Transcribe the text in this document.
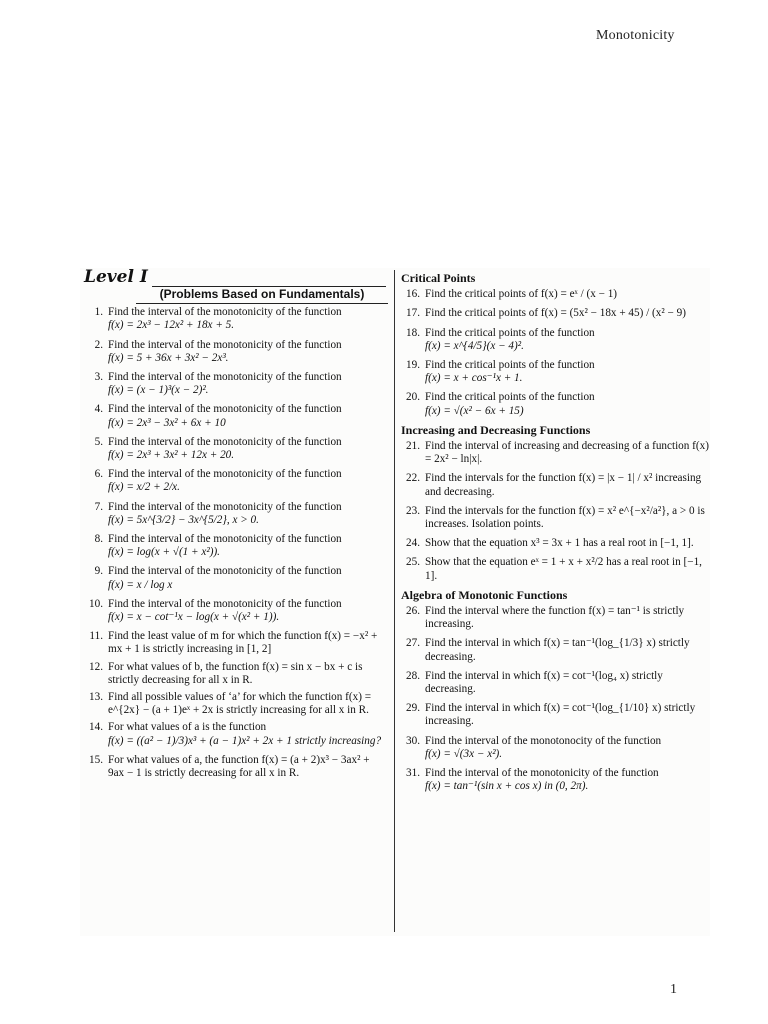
Monotonicity
Level I
(Problems Based on Fundamentals)
1. Find the interval of the monotonicity of the function
f(x) = 2x³ − 12x² + 18x + 5.
2. Find the interval of the monotonicity of the function
f(x) = 5 + 36x + 3x² − 2x³.
3. Find the interval of the monotonicity of the function
f(x) = (x − 1)³(x − 2)².
4. Find the interval of the monotonicity of the function
f(x) = 2x³ − 3x² + 6x + 10
5. Find the interval of the monotonicity of the function
f(x) = 2x³ + 3x² + 12x + 20.
6. Find the interval of the monotonicity of the function
f(x) = x/2 + 2/x.
7. Find the interval of the monotonicity of the function
f(x) = 5x^{3/2} − 3x^{5/2}, x > 0.
8. Find the interval of the monotonicity of the function
f(x) = log(x + √(1 + x²)).
9. Find the interval of the monotonicity of the function
f(x) = x / log x
10. Find the interval of the monotonicity of the function
f(x) = x − cot⁻¹x − log(x + √(x² + 1)).
11. Find the least value of m for which the function f(x) = −x² + mx + 1 is strictly increasing in [1, 2]
12. For what values of b, the function f(x) = sin x − bx + c is strictly decreasing for all x in R.
13. Find all possible values of ‘a’ for which the function f(x) = e^{2x} − (a + 1)eˣ + 2x is strictly increasing for all x in R.
14. For what values of a is the function
f(x) = ((a² − 1)/3)x³ + (a − 1)x² + 2x + 1 strictly increasing?
15. For what values of a, the function f(x) = (a + 2)x³ − 3ax² + 9ax − 1 is strictly decreasing for all x in R.
Critical Points
16. Find the critical points of f(x) = eˣ / (x − 1)
17. Find the critical points of f(x) = (5x² − 18x + 45) / (x² − 9)
18. Find the critical points of the function
f(x) = x^{4/5}(x − 4)².
19. Find the critical points of the function
f(x) = x + cos⁻¹x + 1.
20. Find the critical points of the function
f(x) = √(x² − 6x + 15)
Increasing and Decreasing Functions
21. Find the interval of increasing and decreasing of a function f(x) = 2x² − ln|x|.
22. Find the intervals for the function f(x) = |x − 1| / x² increasing and decreasing.
23. Find the intervals for the function f(x) = x² e^{−x²/a²}, a > 0 is increases. Isolation points.
24. Show that the equation x³ = 3x + 1 has a real root in [−1, 1].
25. Show that the equation eˣ = 1 + x + x²/2 has a real root in [−1, 1].
Algebra of Monotonic Functions
26. Find the interval where the function f(x) = tan⁻¹ is strictly increasing.
27. Find the interval in which f(x) = tan⁻¹(log_{1/3} x) strictly decreasing.
28. Find the interval in which f(x) = cot⁻¹(log₄ x) strictly decreasing.
29. Find the interval in which f(x) = cot⁻¹(log_{1/10} x) strictly increasing.
30. Find the interval of the monotonocity of the function
f(x) = √(3x − x²).
31. Find the interval of the monotonicity of the function
f(x) = tan⁻¹(sin x + cos x) in (0, 2π).
1
